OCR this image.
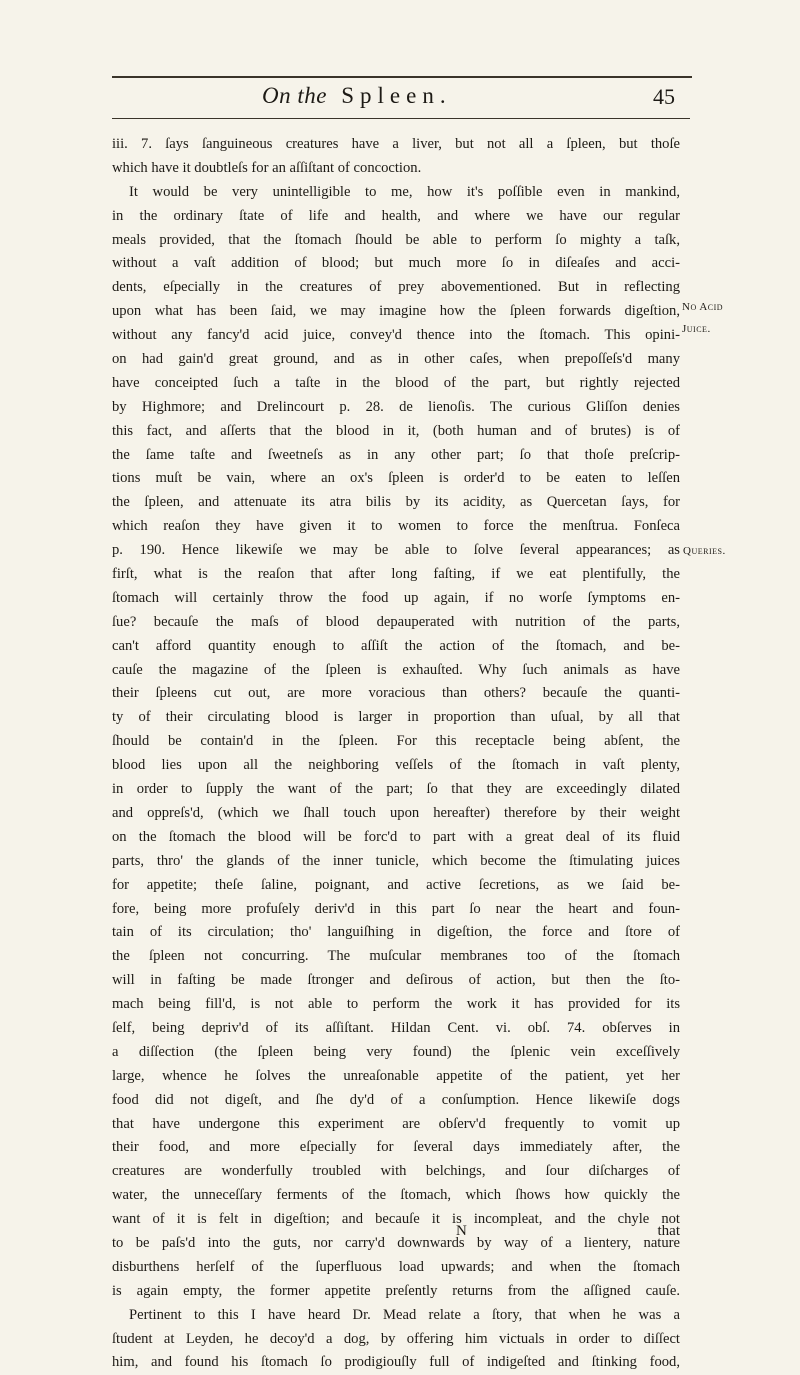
On the Spleen.	45
iii. 7. ſays ſanguineous creatures have a liver, but not all a ſpleen, but thoſe
which have it doubtleſs for an aſſiſtant of concoction.
It would be very unintelligible to me, how it's poſſible even in mankind,
in the ordinary ſtate of life and health, and where we have our regular
meals provided, that the ſtomach ſhould be able to perform ſo mighty a taſk,
without a vaſt addition of blood; but much more ſo in diſeaſes and acci-
dents, eſpecially in the creatures of prey abovementioned. But in reflecting
upon what has been ſaid, we may imagine how the ſpleen forwards digeſtion,
without any fancy'd acid juice, convey'd thence into the ſtomach. This opini-
on had gain'd great ground, and as in other caſes, when prepoſſeſs'd many
have conceipted ſuch a taſte in the blood of the part, but rightly rejected
by Highmore; and Drelincourt p. 28. de lienoſis. The curious Gliſſon denies
this fact, and aſſerts that the blood in it, (both human and of brutes) is of
the ſame taſte and ſweetneſs as in any other part; ſo that thoſe preſcrip-
tions muſt be vain, where an ox's ſpleen is order'd to be eaten to leſſen
the ſpleen, and attenuate its atra bilis by its acidity, as Quercetan ſays, for
which reaſon they have given it to women to force the menſtrua. Fonſeca
p. 190. Hence likewiſe we may be able to ſolve ſeveral appearances; as
firſt, what is the reaſon that after long faſting, if we eat plentifully, the
ſtomach will certainly throw the food up again, if no worſe ſymptoms en-
ſue? becauſe the maſs of blood depauperated with nutrition of the parts,
can't afford quantity enough to aſſiſt the action of the ſtomach, and be-
cauſe the magazine of the ſpleen is exhauſted. Why ſuch animals as have
their ſpleens cut out, are more voracious than others? becauſe the quanti-
ty of their circulating blood is larger in proportion than uſual, by all that
ſhould be contain'd in the ſpleen. For this receptacle being abſent, the
blood lies upon all the neighboring veſſels of the ſtomach in vaſt plenty,
in order to ſupply the want of the part; ſo that they are exceedingly dilated
and oppreſs'd, (which we ſhall touch upon hereafter) therefore by their weight
on the ſtomach the blood will be forc'd to part with a great deal of its fluid
parts, thro' the glands of the inner tunicle, which become the ſtimulating juices
for appetite; theſe ſaline, poignant, and active ſecretions, as we ſaid be-
fore, being more profuſely deriv'd in this part ſo near the heart and foun-
tain of its circulation; tho' languiſhing in digeſtion, the force and ſtore of
the ſpleen not concurring. The muſcular membranes too of the ſtomach
will in faſting be made ſtronger and deſirous of action, but then the ſto-
mach being fill'd, is not able to perform the work it has provided for its
ſelf, being depriv'd of its aſſiſtant. Hildan Cent. vi. obſ. 74. obſerves in
a diſſection (the ſpleen being very found) the ſplenic vein exceſſively
large, whence he ſolves the unreaſonable appetite of the patient, yet her
food did not digeſt, and ſhe dy'd of a conſumption. Hence likewiſe dogs
that have undergone this experiment are obſerv'd frequently to vomit up
their food, and more eſpecially for ſeveral days immediately after, the
creatures are wonderfully troubled with belchings, and ſour diſcharges of
water, the unneceſſary ferments of the ſtomach, which ſhows how quickly the
want of it is felt in digeſtion; and becauſe it is incompleat, and the chyle not
to be paſs'd into the guts, nor carry'd downwards by way of a lientery, nature
disburthens herſelf of the ſuperfluous load upwards; and when the ſtomach
is again empty, the former appetite preſently returns from the aſſigned cauſe.
Pertinent to this I have heard Dr. Mead relate a ſtory, that when he was a
ſtudent at Leyden, he decoy'd a dog, by offering him victuals in order to diſſect
him, and found his ſtomach ſo prodigiouſly full of indigeſted and ſtinking food,
No Acid
Juice.
Queries.
N	that
